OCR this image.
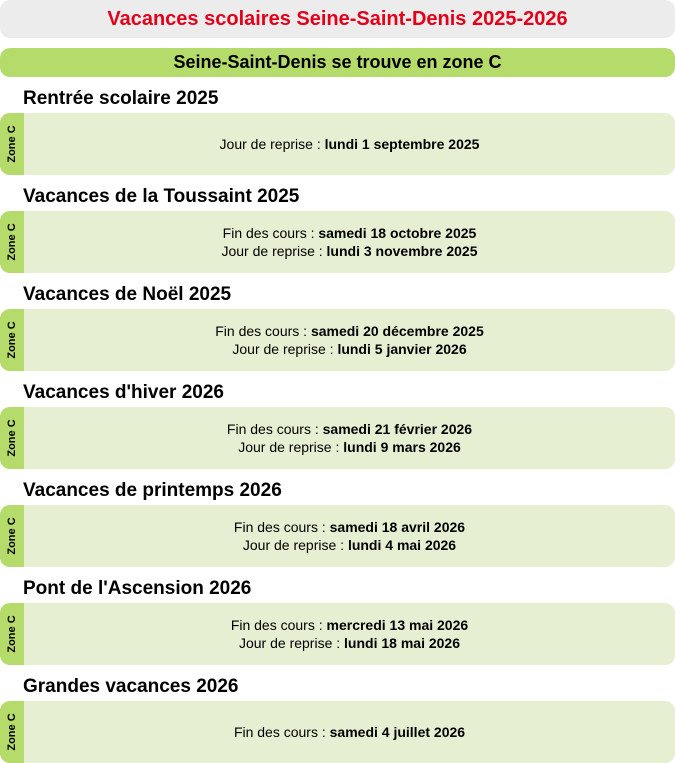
Vacances scolaires Seine-Saint-Denis 2025-2026
Seine-Saint-Denis se trouve en zone C
Rentrée scolaire 2025
Zone C	Jour de reprise : lundi 1 septembre 2025
Vacances de la Toussaint 2025
Zone C	Fin des cours : samedi 18 octobre 2025
Jour de reprise : lundi 3 novembre 2025
Vacances de Noël 2025
Zone C	Fin des cours : samedi 20 décembre 2025
Jour de reprise : lundi 5 janvier 2026
Vacances d'hiver 2026
Zone C	Fin des cours : samedi 21 février 2026
Jour de reprise : lundi 9 mars 2026
Vacances de printemps 2026
Zone C	Fin des cours : samedi 18 avril 2026
Jour de reprise : lundi 4 mai 2026
Pont de l'Ascension 2026
Zone C	Fin des cours : mercredi 13 mai 2026
Jour de reprise : lundi 18 mai 2026
Grandes vacances 2026
Zone C	Fin des cours : samedi 4 juillet 2026
